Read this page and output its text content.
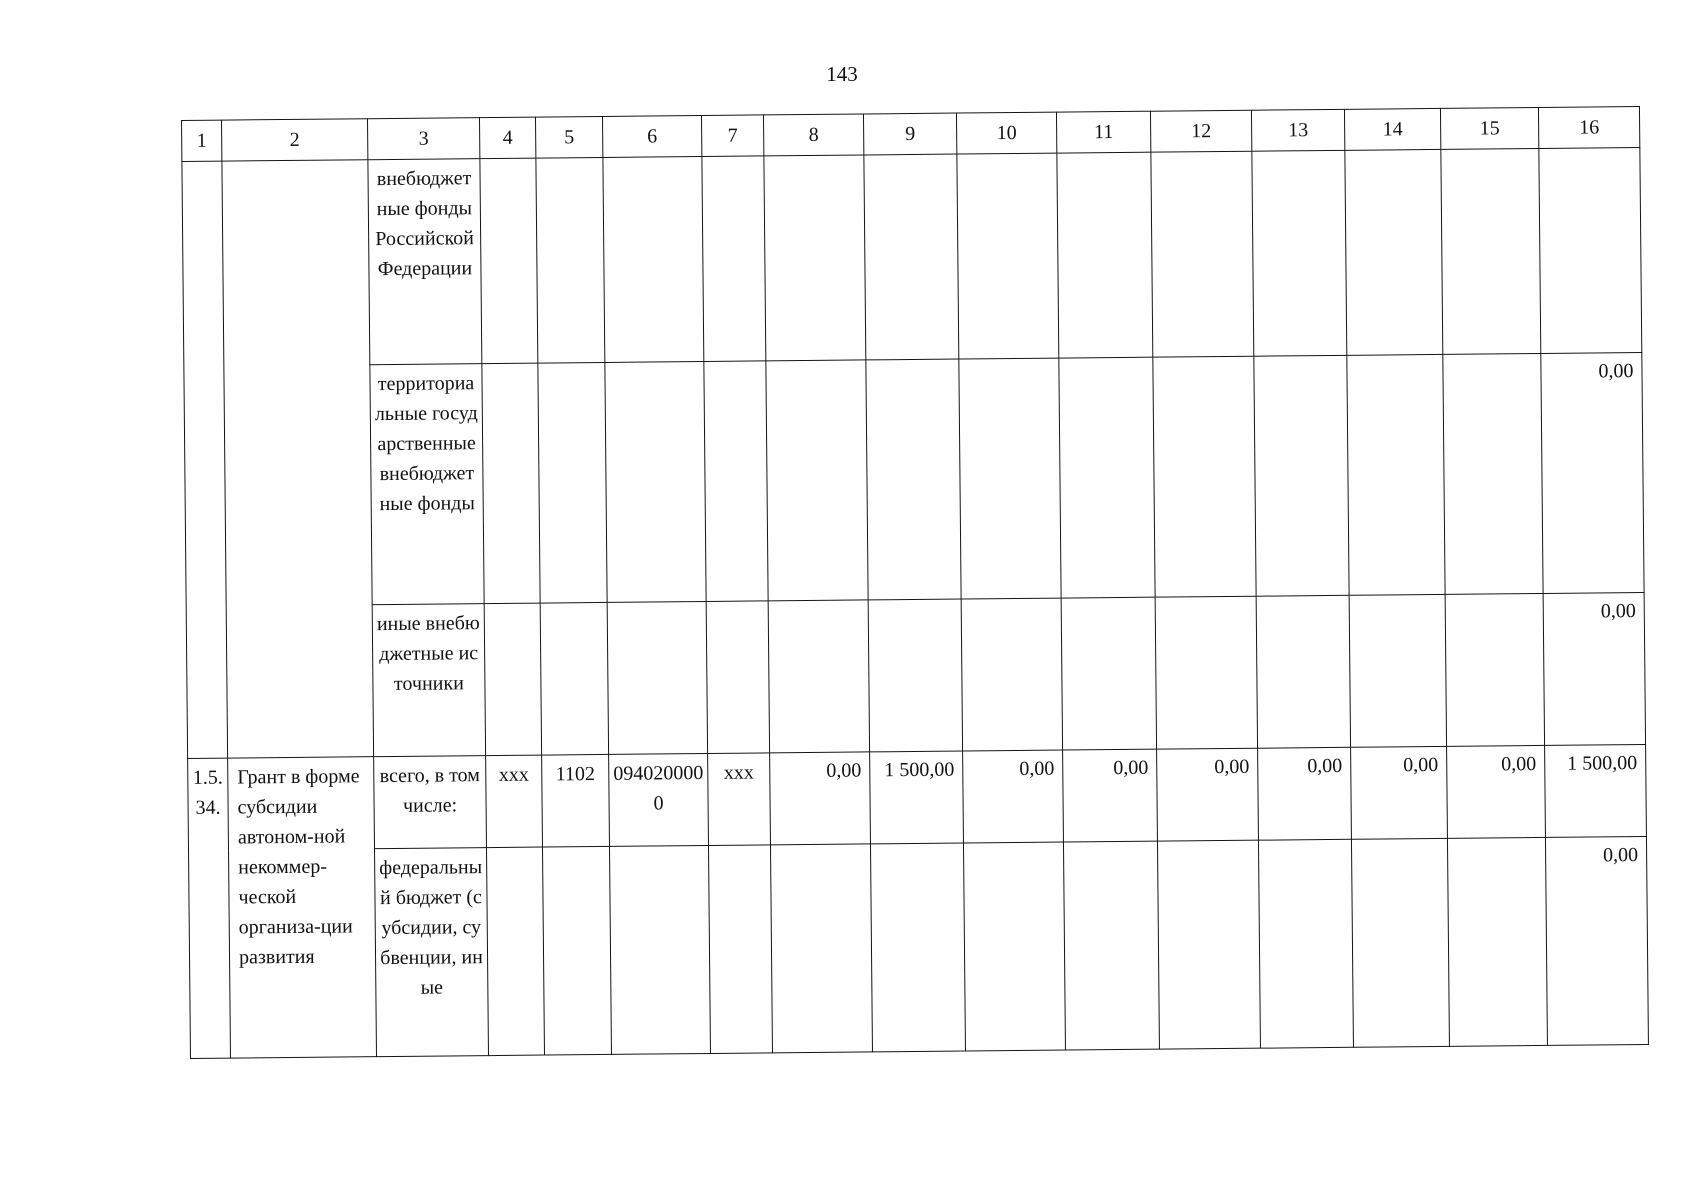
143
1	2	3	4	5	6	7	8	9	10	11	12	13	14	15	16
		внебюджетные фонды Российской Федерации													
		территориальные государственные внебюджетные фонды													0,00
		иные внебюджетные источники													0,00
1.5.34.	Грант в форме субсидии автоном-ной некоммер-ческой организа-ции развития	всего, в том числе:	xxx	1102	0940200000	xxx	0,00	1 500,00	0,00	0,00	0,00	0,00	0,00	0,00	1 500,00
		федеральный бюджет (субсидии, субвенции, иные													0,00
